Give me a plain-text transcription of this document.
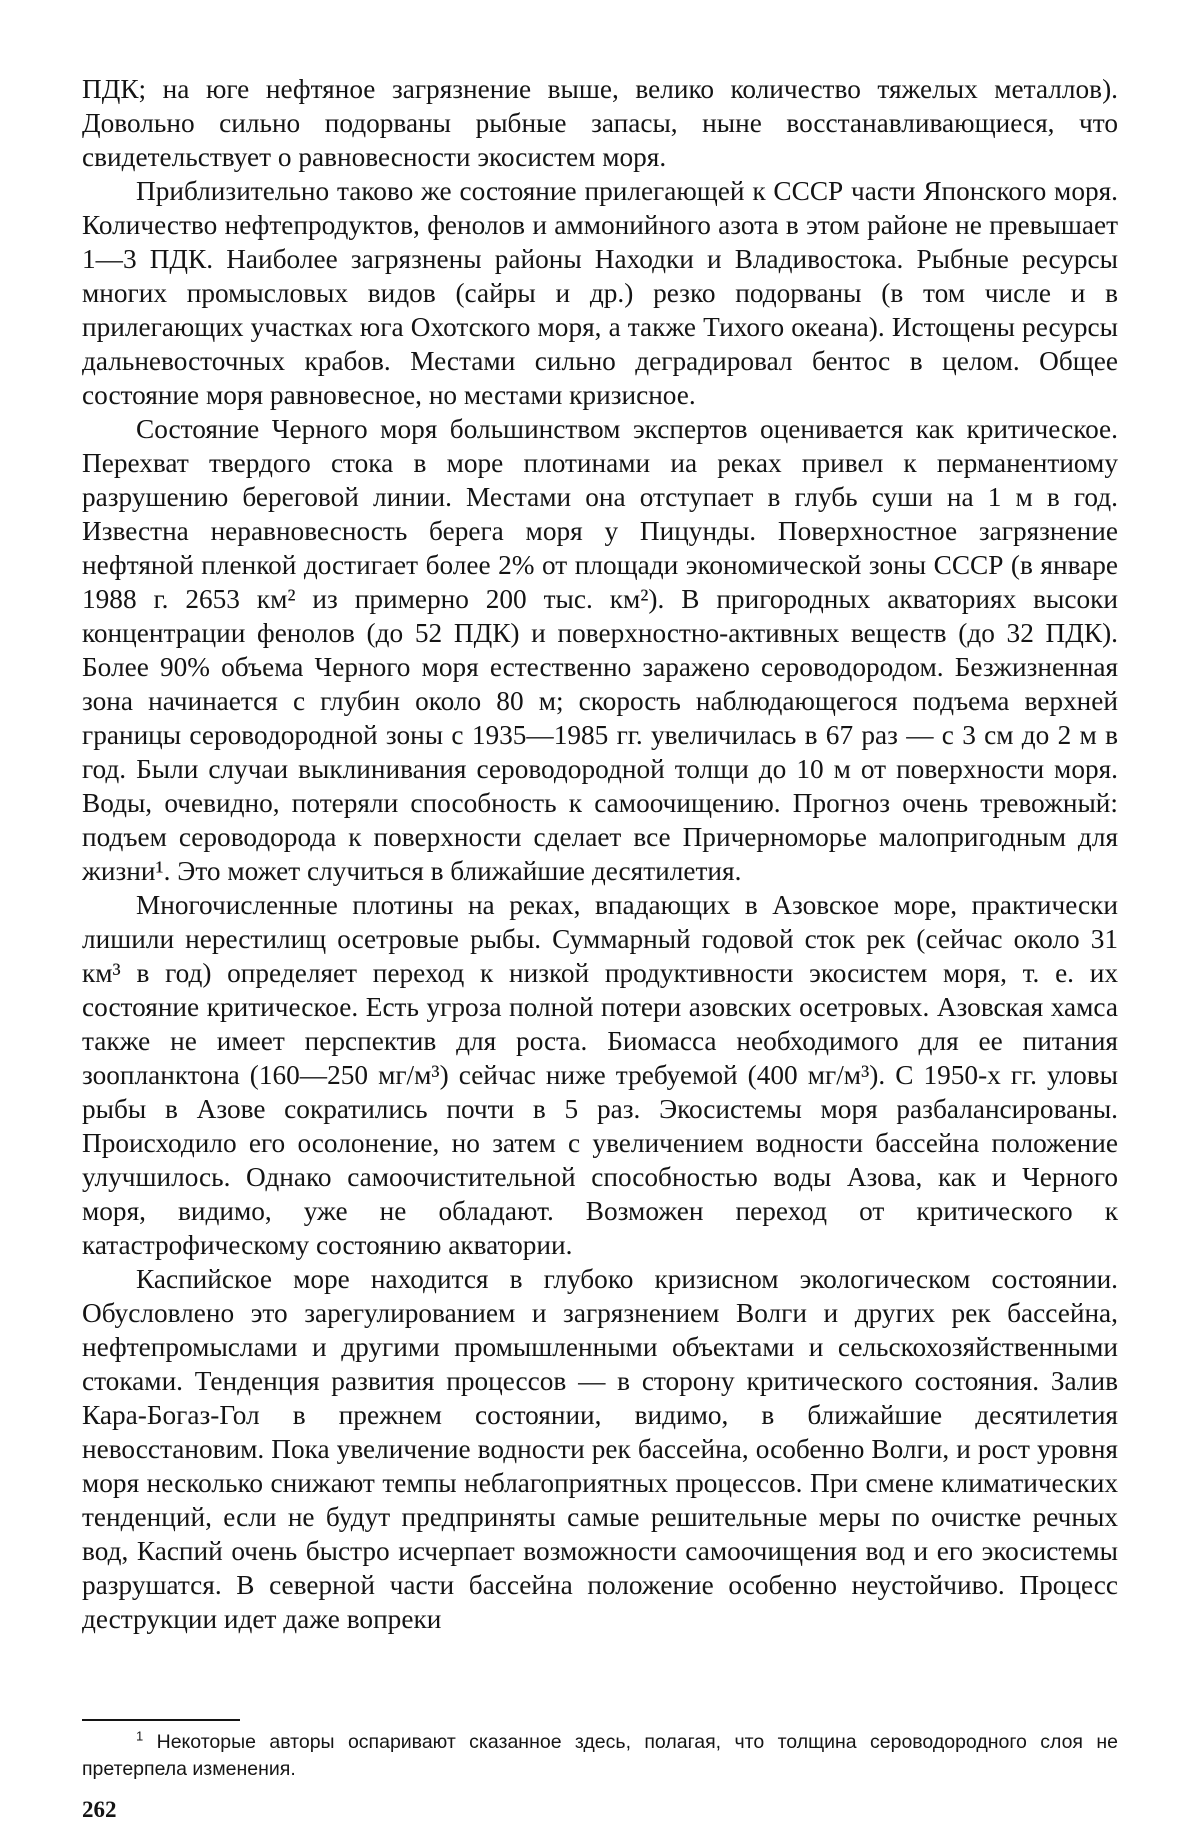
ПДК; на юге нефтяное загрязнение выше, велико количество тяжелых металлов). Довольно сильно подорваны рыбные запасы, ныне восстанавливающиеся, что свидетельствует о равновесности экосистем моря.

Приблизительно таково же состояние прилегающей к СССР части Японского моря. Количество нефтепродуктов, фенолов и аммонийного азота в этом районе не превышает 1—3 ПДК. Наиболее загрязнены районы Находки и Владивостока. Рыбные ресурсы многих промысловых видов (сайры и др.) резко подорваны (в том числе и в прилегающих участках юга Охотского моря, а также Тихого океана). Истощены ресурсы дальневосточных крабов. Местами сильно деградировал бентос в целом. Общее состояние моря равновесное, но местами кризисное.

Состояние Черного моря большинством экспертов оценивается как критическое. Перехват твердого стока в море плотинами иа реках привел к перманентиому разрушению береговой линии. Местами она отступает в глубь суши на 1 м в год. Известна неравновесность берега моря у Пицунды. Поверхностное загрязнение нефтяной пленкой достигает более 2% от площади экономической зоны СССР (в январе 1988 г. 2653 км² из примерно 200 тыс. км²). В пригородных акваториях высоки концентрации фенолов (до 52 ПДК) и поверхностно-активных веществ (до 32 ПДК). Более 90% объема Черного моря естественно заражено сероводородом. Безжизненная зона начинается с глубин около 80 м; скорость наблюдающегося подъема верхней границы сероводородной зоны с 1935—1985 гг. увеличилась в 67 раз — с 3 см до 2 м в год. Были случаи выклинивания сероводородной толщи до 10 м от поверхности моря. Воды, очевидно, потеряли способность к самоочищению. Прогноз очень тревожный: подъем сероводорода к поверхности сделает все Причерноморье малопригодным для жизни¹. Это может случиться в ближайшие десятилетия.

Многочисленные плотины на реках, впадающих в Азовское море, практически лишили нерестилищ осетровые рыбы. Суммарный годовой сток рек (сейчас около 31 км³ в год) определяет переход к низкой продуктивности экосистем моря, т. е. их состояние критическое. Есть угроза полной потери азовских осетровых. Азовская хамса также не имеет перспектив для роста. Биомасса необходимого для ее питания зоопланктона (160—250 мг/м³) сейчас ниже требуемой (400 мг/м³). С 1950-х гг. уловы рыбы в Азове сократились почти в 5 раз. Экосистемы моря разбалансированы. Происходило его осолонение, но затем с увеличением водности бассейна положение улучшилось. Однако самоочистительной способностью воды Азова, как и Черного моря, видимо, уже не обладают. Возможен переход от критического к катастрофическому состоянию акватории.

Каспийское море находится в глубоко кризисном экологическом состоянии. Обусловлено это зарегулированием и загрязнением Волги и других рек бассейна, нефтепромыслами и другими промышленными объектами и сельскохозяйственными стоками. Тенденция развития процессов — в сторону критического состояния. Залив Кара-Богаз-Гол в прежнем состоянии, видимо, в ближайшие десятилетия невосстановим. Пока увеличение водности рек бассейна, особенно Волги, и рост уровня моря несколько снижают темпы неблагоприятных процессов. При смене климатических тенденций, если не будут предприняты самые решительные меры по очистке речных вод, Каспий очень быстро исчерпает возможности самоочищения вод и его экосистемы разрушатся. В северной части бассейна положение особенно неустойчиво. Процесс деструкции идет даже вопреки

1 Некоторые авторы оспаривают сказанное здесь, полагая, что толщина сероводородного слоя не претерпела изменения.

262
